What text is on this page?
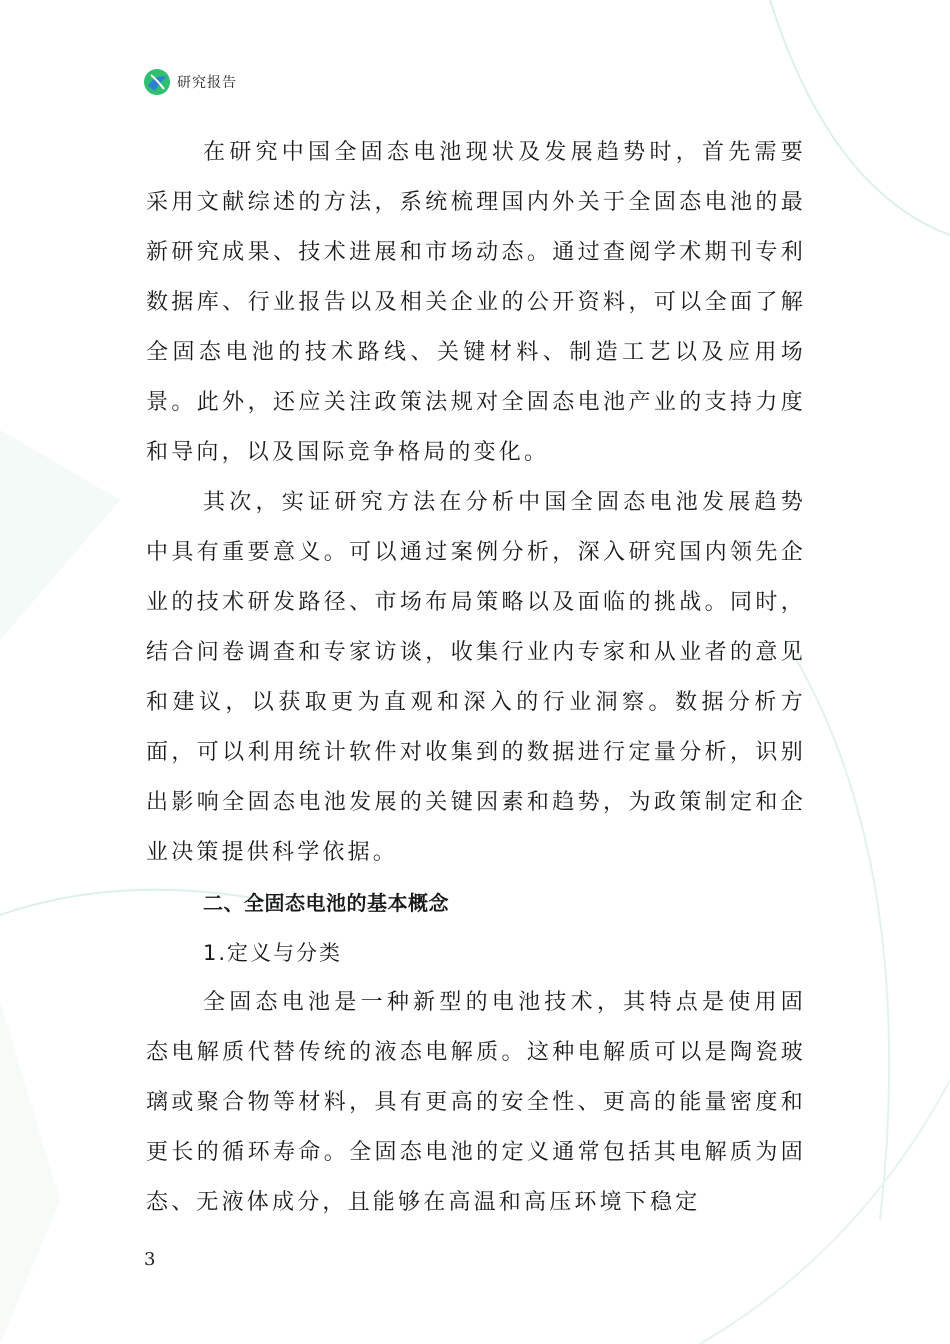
研究报告

在研究中国全固态电池现状及发展趋势时，首先需要采用文献综述的方法，系统梳理国内外关于全固态电池的最新研究成果、技术进展和市场动态。通过查阅学术期刊专利数据库、行业报告以及相关企业的公开资料，可以全面了解全固态电池的技术路线、关键材料、制造工艺以及应用场景。此外，还应关注政策法规对全固态电池产业的支持力度和导向，以及国际竞争格局的变化。

其次，实证研究方法在分析中国全固态电池发展趋势中具有重要意义。可以通过案例分析，深入研究国内领先企业的技术研发路径、市场布局策略以及面临的挑战。同时，结合问卷调查和专家访谈，收集行业内专家和从业者的意见和建议，以获取更为直观和深入的行业洞察。数据分析方面，可以利用统计软件对收集到的数据进行定量分析，识别出影响全固态电池发展的关键因素和趋势，为政策制定和企业决策提供科学依据。

二、全固态电池的基本概念

1.定义与分类

全固态电池是一种新型的电池技术，其特点是使用固态电解质代替传统的液态电解质。这种电解质可以是陶瓷玻璃或聚合物等材料，具有更高的安全性、更高的能量密度和更长的循环寿命。全固态电池的定义通常包括其电解质为固态、无液体成分，且能够在高温和高压环境下稳定

3
